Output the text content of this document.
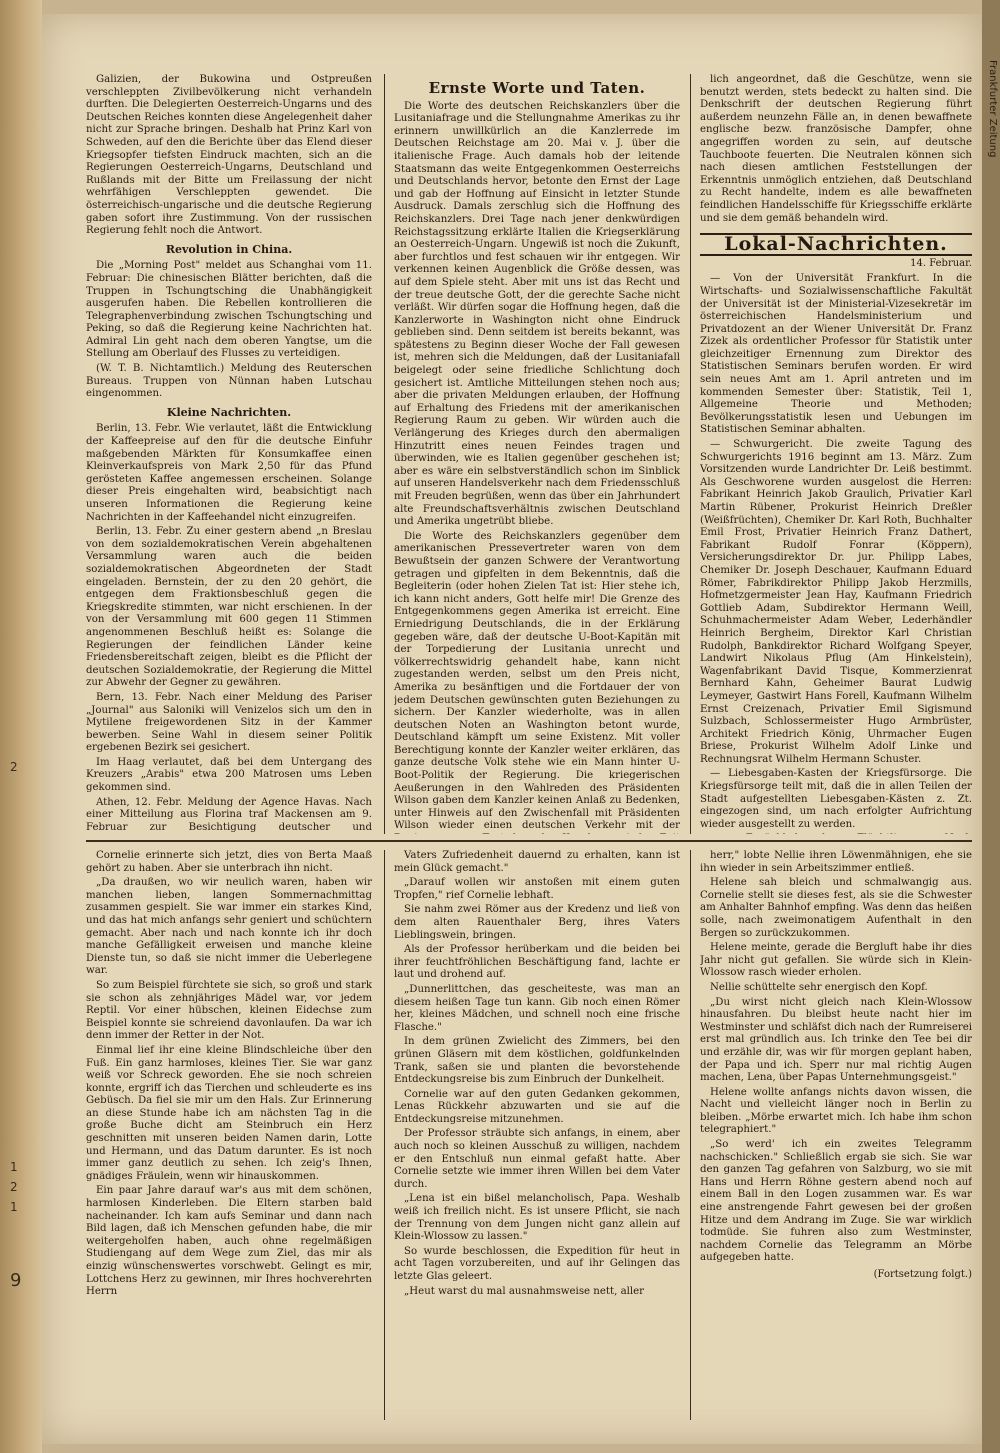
2
1
2
1
9
Frankfurter Zeitung

Galizien, der Bukowina und Ostpreußen verschleppten Zivilbevölkerung nicht verhandeln durften. Die Delegierten Oesterreich-Ungarns und des Deutschen Reiches konnten diese Angelegenheit daher nicht zur Sprache bringen. Deshalb hat Prinz Karl von Schweden, auf den die Berichte über das Elend dieser Kriegsopfer tiefsten Eindruck machten, sich an die Regierungen Oesterreich-Ungarns, Deutschland und Rußlands mit der Bitte um Freilassung der nicht wehrfähigen Verschleppten gewendet. Die österreichisch-ungarische und die deutsche Regierung gaben sofort ihre Zustimmung. Von der russischen Regierung fehlt noch die Antwort.

Revolution in China.

Die „Morning Post" meldet aus Schanghai vom 11. Februar: Die chinesischen Blätter berichten, daß die Truppen in Tschungtsching die Unabhängigkeit ausgerufen haben. Die Rebellen kontrollieren die Telegraphenverbindung zwischen Tschungtsching und Peking, so daß die Regierung keine Nachrichten hat. Admiral Lin geht nach dem oberen Yangtse, um die Stellung am Oberlauf des Flusses zu verteidigen.

(W. T. B. Nichtamtlich.) Meldung des Reuterschen Bureaus. Truppen von Nünnan haben Lutschau eingenommen.

Kleine Nachrichten.

Berlin, 13. Febr. Wie verlautet, läßt die Entwicklung der Kaffeepreise auf den für die deutsche Einfuhr maßgebenden Märkten für Konsumkaffee einen Kleinverkaufspreis von Mark 2,50 für das Pfund gerösteten Kaffee angemessen erscheinen. Solange dieser Preis eingehalten wird, beabsichtigt nach unseren Informationen die Regierung keine Nachrichten in der Kaffeehandel nicht einzugreifen.

Berlin, 13. Febr. Zu einer gestern abend „n Breslau von dem sozialdemokratischen Verein abgehaltenen Versammlung waren auch die beiden sozialdemokratischen Abgeordneten der Stadt eingeladen. Bernstein, der zu den 20 gehört, die entgegen dem Fraktionsbeschluß gegen die Kriegskredite stimmten, war nicht erschienen. In der von der Versammlung mit 600 gegen 11 Stimmen angenommenen Beschluß heißt es: Solange die Regierungen der feindlichen Länder keine Friedensbereitschaft zeigen, bleibt es die Pflicht der deutschen Sozialdemokratie, der Regierung die Mittel zur Abwehr der Gegner zu gewähren.

Bern, 13. Febr. Nach einer Meldung des Pariser „Journal" aus Saloniki will Venizelos sich um den in Mytilene freigewordenen Sitz in der Kammer bewerben. Seine Wahl in diesem seiner Politik ergebenen Bezirk sei gesichert.

Im Haag verlautet, daß bei dem Untergang des Kreuzers „Arabis" etwa 200 Matrosen ums Leben gekommen sind.

Athen, 12. Febr. Meldung der Agence Havas. Nach einer Mitteilung aus Florina traf Mackensen am 9. Februar zur Besichtigung deutscher und

Ernste Worte und Taten.

Die Worte des deutschen Reichskanzlers über die Lusitaniafrage und die Stellungnahme Amerikas zu ihr erinnern unwillkürlich an die Kanzlerrede im Deutschen Reichstage am 20. Mai v. J. über die italienische Frage. Auch damals hob der leitende Staatsmann das weite Entgegenkommen Oesterreichs und Deutschlands hervor, betonte den Ernst der Lage und gab der Hoffnung auf Einsicht in letzter Stunde Ausdruck. Damals zerschlug sich die Hoffnung des Reichskanzlers. Drei Tage nach jener denkwürdigen Reichstagssitzung erklärte Italien die Kriegserklärung an Oesterreich-Ungarn. Ungewiß ist noch die Zukunft, aber furchtlos und fest schauen wir ihr entgegen. Wir verkennen keinen Augenblick die Größe dessen, was auf dem Spiele steht. Aber mit uns ist das Recht und der treue deutsche Gott, der die gerechte Sache nicht verläßt. Wir dürfen sogar die Hoffnung hegen, daß die Kanzlerworte in Washington nicht ohne Eindruck geblieben sind. Denn seitdem ist bereits bekannt, was spätestens zu Beginn dieser Woche der Fall gewesen ist, mehren sich die Meldungen, daß der Lusitaniafall beigelegt oder seine friedliche Schlichtung doch gesichert ist. Amtliche Mitteilungen stehen noch aus; aber die privaten Meldungen erlauben, der Hoffnung auf Erhaltung des Friedens mit der amerikanischen Regierung Raum zu geben. Wir würden auch die Verlängerung des Krieges durch den abermaligen Hinzutritt eines neuen Feindes tragen und überwinden, wie es Italien gegenüber geschehen ist; aber es wäre ein selbstverständlich schon im Sinblick auf unseren Handelsverkehr nach dem Friedensschluß mit Freuden begrüßen, wenn das über ein Jahrhundert alte Freundschaftsverhältnis zwischen Deutschland und Amerika ungetrübt bliebe.

Die Worte des Reichskanzlers gegenüber dem amerikanischen Pressevertreter waren von dem Bewußtsein der ganzen Schwere der Verantwortung getragen und gipfelten in dem Bekenntnis, daß die Begleiterin (oder hohen Zielen Tat ist: Hier stehe ich, ich kann nicht anders, Gott helfe mir! Die Grenze des Entgegenkommens gegen Amerika ist erreicht. Eine Erniedrigung Deutschlands, die in der Erklärung gegeben wäre, daß der deutsche U-Boot-Kapitän mit der Torpedierung der Lusitania unrecht und völkerrechtswidrig gehandelt habe, kann nicht zugestanden werden, selbst um den Preis nicht, Amerika zu besänftigen und die Fortdauer der von jedem Deutschen gewünschten guten Beziehungen zu sichern. Der Kanzler wiederholte, was in allen deutschen Noten an Washington betont wurde, Deutschland kämpft um seine Existenz. Mit voller Berechtigung konnte der Kanzler weiter erklären, das ganze deutsche Volk stehe wie ein Mann hinter U-Boot-Politik der Regierung. Die kriegerischen Aeußerungen in den Wahlreden des Präsidenten Wilson gaben dem Kanzler keinen Anlaß zu Bedenken, unter Hinweis auf den Zwischenfall mit Präsidenten Wilson wieder einen deutschen Verkehr mit der

lich angeordnet, daß die Geschütze, wenn sie benutzt werden, stets bedeckt zu halten sind. Die Denkschrift der deutschen Regierung führt außerdem neunzehn Fälle an, in denen bewaffnete englische bezw. französische Dampfer, ohne angegriffen worden zu sein, auf deutsche Tauchboote feuerten. Die Neutralen können sich nach diesen amtlichen Feststellungen der Erkenntnis unmöglich entziehen, daß Deutschland zu Recht handelte, indem es alle bewaffneten feindlichen Handelsschiffe für Kriegsschiffe erklärte und sie dem gemäß behandeln wird.

Lokal-Nachrichten.
14. Februar.

— Von der Universität Frankfurt. In die Wirtschafts- und Sozialwissenschaftliche Fakultät der Universität ist der Ministerial-Vizesekretär im österreichischen Handelsministerium und Privatdozent an der Wiener Universität Dr. Franz Zizek als ordentlicher Professor für Statistik unter gleichzeitiger Ernennung zum Direktor des Statistischen Seminars berufen worden. Er wird sein neues Amt am 1. April antreten und im kommenden Semester über: Statistik, Teil 1, Allgemeine Theorie und Methoden; Bevölkerungsstatistik lesen und Uebungen im Statistischen Seminar abhalten.

— Schwurgericht. Die zweite Tagung des Schwurgerichts 1916 beginnt am 13. März. Zum Vorsitzenden wurde Landrichter Dr. Leiß bestimmt. Als Geschworene wurden ausgelost die Herren: Fabrikant Heinrich Jakob Graulich, Privatier Karl Martin Rübener, Prokurist Heinrich Dreßler (Weißfrüchten), Chemiker Dr. Karl Roth, Buchhalter Emil Frost, Privatier Heinrich Franz Dathert, Fabrikant Rudolf Fonrar (Köppern), Versicherungsdirektor Dr. jur. Philipp Labes, Chemiker Dr. Joseph Deschauer, Kaufmann Eduard Römer, Fabrikdirektor Philipp Jakob Herzmills, Hofmetzgermeister Jean Hay, Kaufmann Friedrich Gottlieb Adam, Subdirektor Hermann Weill, Schuhmachermeister Adam Weber, Lederhändler Heinrich Bergheim, Direktor Karl Christian Rudolph, Bankdirektor Richard Wolfgang Speyer, Landwirt Nikolaus Pflug (Am Hinkelstein), Wagenfabrikant David Tisque, Kommerzienrat Bernhard Kahn, Geheimer Baurat Ludwig Leymeyer, Gastwirt Hans Forell, Kaufmann Wilhelm Ernst Creizenach, Privatier Emil Sigismund Sulzbach, Schlossermeister Hugo Armbrüster, Architekt Friedrich König, Uhrmacher Eugen Briese, Prokurist Wilhelm Adolf Linke und Rechnungsrat Wilhelm Hermann Schuster.

— Liebesgaben-Kasten der Kriegsfürsorge. Die Kriegsfürsorge teilt mit, daß die in allen Teilen der Stadt aufgestellten Liebesgaben-Kästen z. Zt. eingezogen sind, um nach erfolgter Aufrichtung wieder ausgestellt zu werden.

Cornelie erinnerte sich jetzt, dies von Berta Maaß gehört zu haben. Aber sie unterbrach ihn nicht.

„Da draußen, wo wir neulich waren, haben wir manchen lieben, langen Sommernachmittag zusammen gespielt. Sie war immer ein starkes Kind, und das hat mich anfangs sehr geniert und schüchtern gemacht. Aber nach und nach konnte ich ihr doch manche Gefälligkeit erweisen und manche kleine Dienste tun, so daß sie nicht immer die Ueberlegene war.

So zum Beispiel fürchtete sie sich, so groß und stark sie schon als zehnjähriges Mädel war, vor jedem Reptil. Vor einer hübschen, kleinen Eidechse zum Beispiel konnte sie schreiend davonlaufen. Da war ich denn immer der Retter in der Not.

Einmal lief ihr eine kleine Blindschleiche über den Fuß. Ein ganz harmloses, kleines Tier. Sie war ganz weiß vor Schreck geworden. Ehe sie noch schreien konnte, ergriff ich das Tierchen und schleuderte es ins Gebüsch. Da fiel sie mir um den Hals. Zur Erinnerung an diese Stunde habe ich am nächsten Tag in die große Buche dicht am Steinbruch ein Herz geschnitten mit unseren beiden Namen darin, Lotte und Hermann, und das Datum darunter. Es ist noch immer ganz deutlich zu sehen. Ich zeig's Ihnen, gnädiges Fräulein, wenn wir hinauskommen.

Ein paar Jahre darauf war's aus mit dem schönen, harmlosen Kinderleben. Die Eltern starben bald nacheinander. Ich kam aufs Seminar und dann nach Bild lagen, daß ich Menschen gefunden habe, die mir weitergeholfen haben, auch ohne regelmäßigen Studiengang auf dem Wege zum Ziel, das mir als einzig wünschenswertes vorschwebt. Gelingt es mir, Lottchens Herz zu gewinnen, mir Ihres hochverehrten Herrn

Vaters Zufriedenheit dauernd zu erhalten, kann ist mein Glück gemacht."

„Darauf wollen wir anstoßen mit einem guten Tropfen," rief Cornelie lebhaft.

Sie nahm zwei Römer aus der Kredenz und ließ von dem alten Rauenthaler Berg, ihres Vaters Lieblingswein, bringen.

Als der Professor herüberkam und die beiden bei ihrer feuchtfröhlichen Beschäftigung fand, lachte er laut und drohend auf.

„Dunnerlittchen, das gescheiteste, was man an diesem heißen Tage tun kann. Gib noch einen Römer her, kleines Mädchen, und schnell noch eine frische Flasche."

In dem grünen Zwielicht des Zimmers, bei den grünen Gläsern mit dem köstlichen, goldfunkelnden Trank, saßen sie und planten die bevorstehende Entdeckungsreise bis zum Einbruch der Dunkelheit.

Cornelie war auf den guten Gedanken gekommen, Lenas Rückkehr abzuwarten und sie auf die Entdeckungsreise mitzunehmen.

Der Professor sträubte sich anfangs, in einem, aber auch noch so kleinen Ausschuß zu willigen, nachdem er den Entschluß nun einmal gefaßt hatte. Aber Cornelie setzte wie immer ihren Willen bei dem Vater durch.

„Lena ist ein bißel melancholisch, Papa. Weshalb weiß ich freilich nicht. Es ist unsere Pflicht, sie nach der Trennung von dem Jungen nicht ganz allein auf Klein-Wlossow zu lassen."

So wurde beschlossen, die Expedition für heut in acht Tagen vorzubereiten, und auf ihr Gelingen das letzte Glas geleert.

„Heut warst du mal ausnahmsweise nett, aller

herr," lobte Nellie ihren Löwenmähnigen, ehe sie ihn wieder in sein Arbeitszimmer entließ.

Helene sah bleich und schmalwangig aus. Cornelie stellt sie dieses fest, als sie die Schwester am Anhalter Bahnhof empfing. Was denn das heißen solle, nach zweimonatigem Aufenthalt in den Bergen so zurückzukommen.

Helene meinte, gerade die Bergluft habe ihr dies Jahr nicht gut gefallen. Sie würde sich in Klein-Wlossow rasch wieder erholen.

Nellie schüttelte sehr energisch den Kopf.

„Du wirst nicht gleich nach Klein-Wlossow hinausfahren. Du bleibst heute nacht hier im Westminster und schläfst dich nach der Rumreiserei erst mal gründlich aus. Ich trinke den Tee bei dir und erzähle dir, was wir für morgen geplant haben, der Papa und ich. Sperr nur mal richtig Augen machen, Lena, über Papas Unternehmungsgeist."

Helene wollte anfangs nichts davon wissen, die Nacht und vielleicht länger noch in Berlin zu bleiben. „Mörbe erwartet mich. Ich habe ihm schon telegraphiert."

„So werd' ich ein zweites Telegramm nachschicken." Schließlich ergab sie sich. Sie war den ganzen Tag gefahren von Salzburg, wo sie mit Hans und Herrn Röhne gestern abend noch auf einem Ball in den Logen zusammen war. Es war eine anstrengende Fahrt gewesen bei der großen Hitze und dem Andrang im Zuge. Sie war wirklich todmüde. Sie fuhren also zum Westminster, nachdem Cornelie das Telegramm an Mörbe aufgegeben hatte.

(Fortsetzung folgt.)
